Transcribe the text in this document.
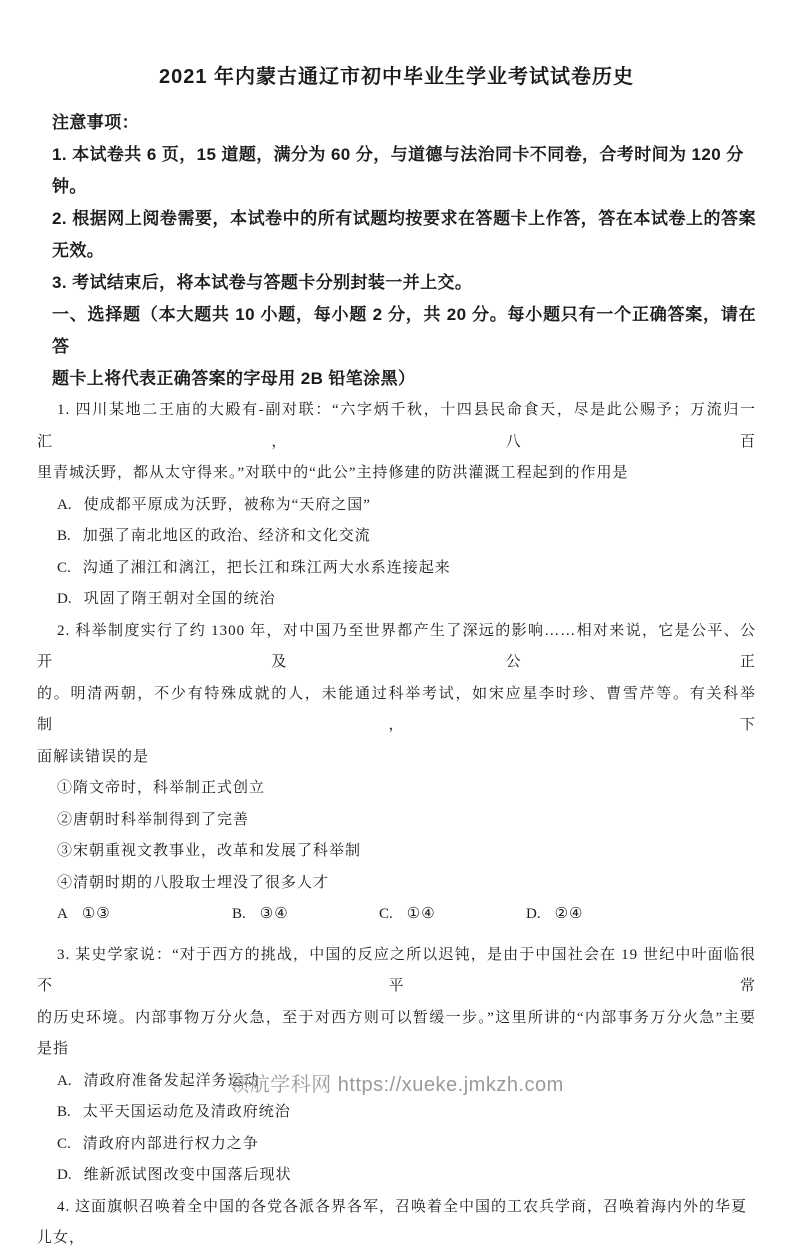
2021 年内蒙古通辽市初中毕业生学业考试试卷历史
注意事项：
1. 本试卷共 6 页，15 道题，满分为 60 分，与道德与法治同卡不同卷，合考时间为 120 分钟。
2. 根据网上阅卷需要，本试卷中的所有试题均按要求在答题卡上作答，答在本试卷上的答案
无效。
3. 考试结束后，将本试卷与答题卡分别封装一并上交。
一、选择题（本大题共 10 小题，每小题 2 分，共 20 分。每小题只有一个正确答案，请在答
题卡上将代表正确答案的字母用 2B 铅笔涂黑）
1. 四川某地二王庙的大殿有-副对联：“六字炳千秋，十四县民命食天，尽是此公赐予；万流归一汇，八百
里青城沃野，都从太守得来。”对联中的“此公”主持修建的防洪灌溉工程起到的作用是
A. 使成都平原成为沃野，被称为“天府之国”
B. 加强了南北地区的政治、经济和文化交流
C. 沟通了湘江和漓江，把长江和珠江两大水系连接起来
D. 巩固了隋王朝对全国的统治
2. 科举制度实行了约 1300 年，对中国乃至世界都产生了深远的影响……相对来说，它是公平、公开及公正
的。明清两朝，不少有特殊成就的人，未能通过科举考试，如宋应星李时珍、曹雪芹等。有关科举制，下
面解读错误的是
①隋文帝时，科举制正式创立
②唐朝时科举制得到了完善
③宋朝重视文教事业，改革和发展了科举制
④清朝时期的八股取士埋没了很多人才
A ①③	B. ③④	C. ①④	D. ②④
3. 某史学家说：“对于西方的挑战，中国的反应之所以迟钝，是由于中国社会在 19 世纪中叶面临很不平常
的历史环境。内部事物万分火急，至于对西方则可以暂缓一步。”这里所讲的“内部事务万分火急”主要
是指
A. 清政府准备发起洋务运动
B. 太平天国运动危及清政府统治
C. 清政府内部进行权力之争
D. 维新派试图改变中国落后现状
4. 这面旗帜召唤着全中国的各党各派各界各军，召唤着全中国的工农兵学商，召唤着海内外的华夏儿女，
领航学科网 https://xueke.jmkzh.com
